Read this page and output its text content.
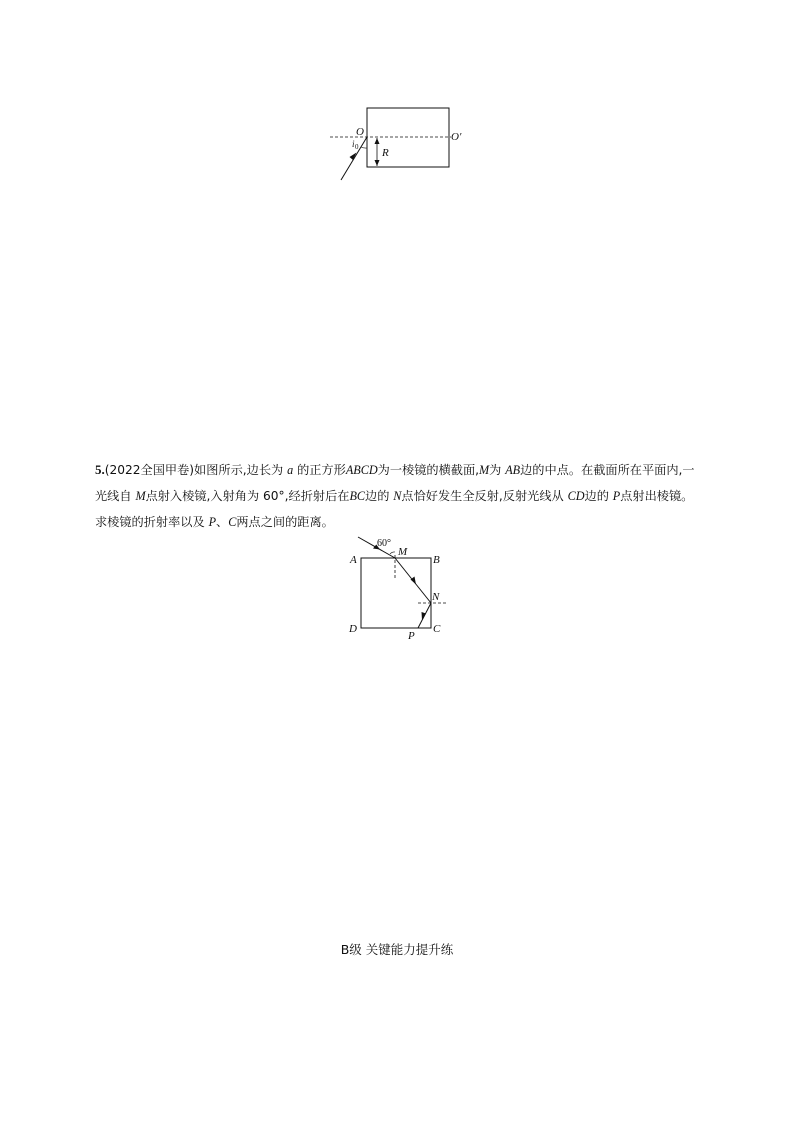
O	O′
i 0 R

5.(2022全国甲卷)如图所示,边长为 a 的正方形ABCD为一棱镜的横截面,M为 AB边的中点。在截面所在平面内,一光线自 M点射入棱镜,入射角为 60°,经折射后在BC边的 N点恰好发生全反射,反射光线从 CD边的 P点射出棱镜。求棱镜的折射率以及 P、C两点之间的距离。

60°
A	B
C
D
M
N
P
B级 关键能力提升练
